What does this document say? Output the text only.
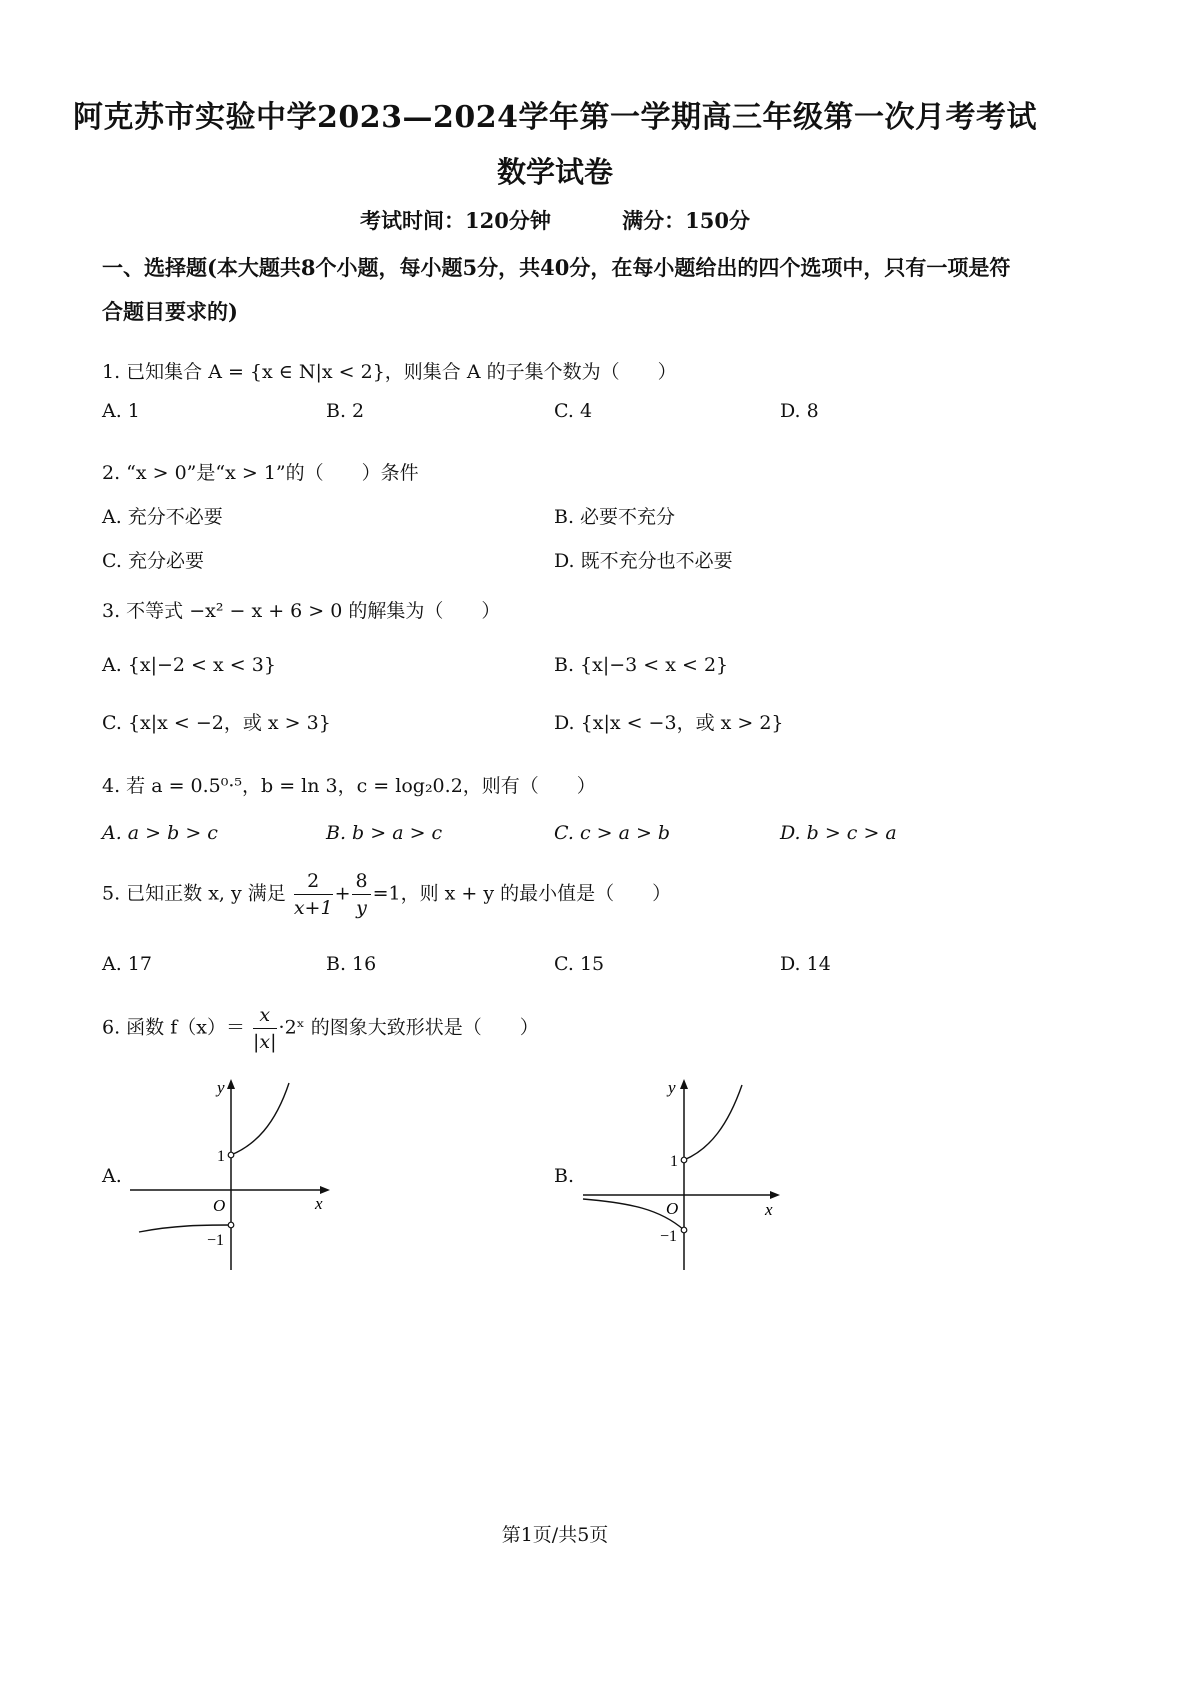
阿克苏市实验中学2023—2024学年第一学期高三年级第一次月考考试
数学试卷
考试时间：120分钟	满分：150分
一、选择题(本大题共8个小题，每小题5分，共40分，在每小题给出的四个选项中，只有一项是符合题目要求的)
1. 已知集合 A = {x ∈ N|x < 2}，则集合 A 的子集个数为（　　）
A. 1	B. 2	C. 4	D. 8
2. “x > 0”是“x > 1”的（　　）条件
A. 充分不必要	B. 必要不充分
C. 充分必要	D. 既不充分也不必要
3. 不等式 −x² − x + 6 > 0 的解集为（　　）
A. {x|−2 < x < 3}	B. {x|−3 < x < 2}
C. {x|x < −2，或 x > 3}	D. {x|x < −3，或 x > 2}
4. 若 a = 0.5⁰·⁵，b = ln 3，c = log₂0.2，则有（　　）
A. a > b > c	B. b > a > c	C. c > a > b	D. b > c > a
5. 已知正数 x, y 满足 $\frac{2}{x+1} + \frac{8}{y} =1$，则 x + y 的最小值是（　　）
A. 17	B. 16	C. 15	D. 14
6. 函数 $f(x)= \frac{x}{|x|}$ ·2ˣ 的图象大致形状是（　　）
A.	B.
y
x
O
1
−1
y
x
O
1
−1
第1页/共5页
